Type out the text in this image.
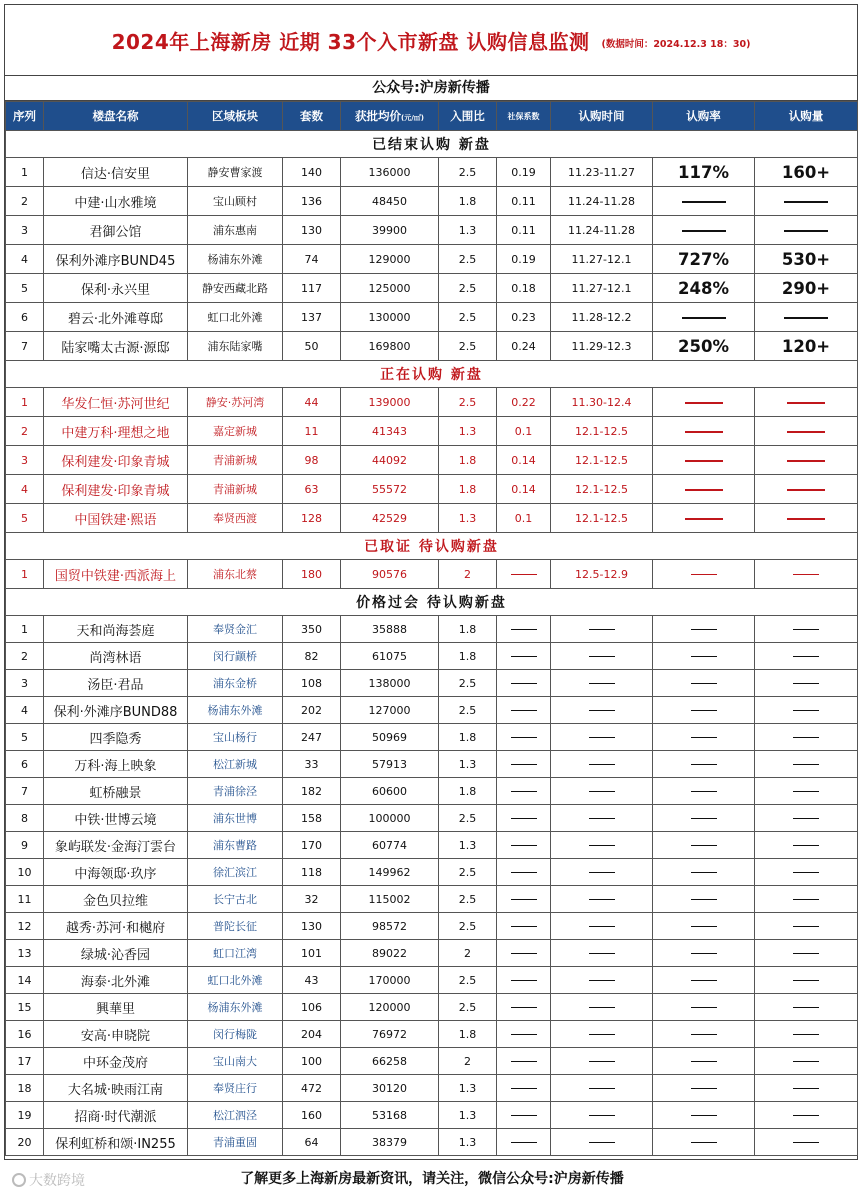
2024年上海新房 近期 33个入市新盘 认购信息监测 (数据时间：2024.12.3 18：30)
公众号:沪房新传播
序列	楼盘名称	区域板块	套数	获批均价(元/㎡)	入围比	社保系数	认购时间	认购率	认购量
已结束认购 新盘									
1	信达·信安里	静安曹家渡	140	136000	2.5	0.19	11.23-11.27	117%	160+
2	中建·山水雅境	宝山顾村	136	48450	1.8	0.11	11.24-11.28		
3	君御公馆	浦东惠南	130	39900	1.3	0.11	11.24-11.28		
4	保利外滩序BUND45	杨浦东外滩	74	129000	2.5	0.19	11.27-12.1	727%	530+
5	保利·永兴里	静安西藏北路	117	125000	2.5	0.18	11.27-12.1	248%	290+
6	碧云·北外滩尊邸	虹口北外滩	137	130000	2.5	0.23	11.28-12.2		
7	陆家嘴太古源·源邸	浦东陆家嘴	50	169800	2.5	0.24	11.29-12.3	250%	120+
正在认购 新盘									
1	华发仁恒·苏河世纪	静安·苏河湾	44	139000	2.5	0.22	11.30-12.4		
2	中建万科·理想之地	嘉定新城	11	41343	1.3	0.1	12.1-12.5		
3	保利建发·印象青城	青浦新城	98	44092	1.8	0.14	12.1-12.5		
4	保利建发·印象青城	青浦新城	63	55572	1.8	0.14	12.1-12.5		
5	中国铁建·熙语	奉贤西渡	128	42529	1.3	0.1	12.1-12.5		
已取证 待认购新盘									
1	国贸中铁建·西派海上	浦东北蔡	180	90576	2		12.5-12.9		
价格过会 待认购新盘									
1	天和尚海荟庭	奉贤金汇	350	35888	1.8				
2	尚湾林语	闵行颛桥	82	61075	1.8				
3	汤臣·君品	浦东金桥	108	138000	2.5				
4	保利·外滩序BUND88	杨浦东外滩	202	127000	2.5				
5	四季隐秀	宝山杨行	247	50969	1.8				
6	万科·海上映象	松江新城	33	57913	1.3				
7	虹桥融景	青浦徐泾	182	60600	1.8				
8	中铁·世博云境	浦东世博	158	100000	2.5				
9	象屿联发·金海汀雲台	浦东曹路	170	60774	1.3				
10	中海领邸·玖序	徐汇滨江	118	149962	2.5				
11	金色贝拉维	长宁古北	32	115002	2.5				
12	越秀·苏河·和樾府	普陀长征	130	98572	2.5				
13	绿城·沁香园	虹口江湾	101	89022	2				
14	海泰·北外滩	虹口北外滩	43	170000	2.5				
15	興華里	杨浦东外滩	106	120000	2.5				
16	安高·申晓院	闵行梅陇	204	76972	1.8				
17	中环金茂府	宝山南大	100	66258	2				
18	大名城·映雨江南	奉贤庄行	472	30120	1.3				
19	招商·时代潮派	松江泗泾	160	53168	1.3				
20	保利虹桥和颂·IN255	青浦重固	64	38379	1.3				
大数跨境	了解更多上海新房最新资讯，请关注，微信公众号:沪房新传播
